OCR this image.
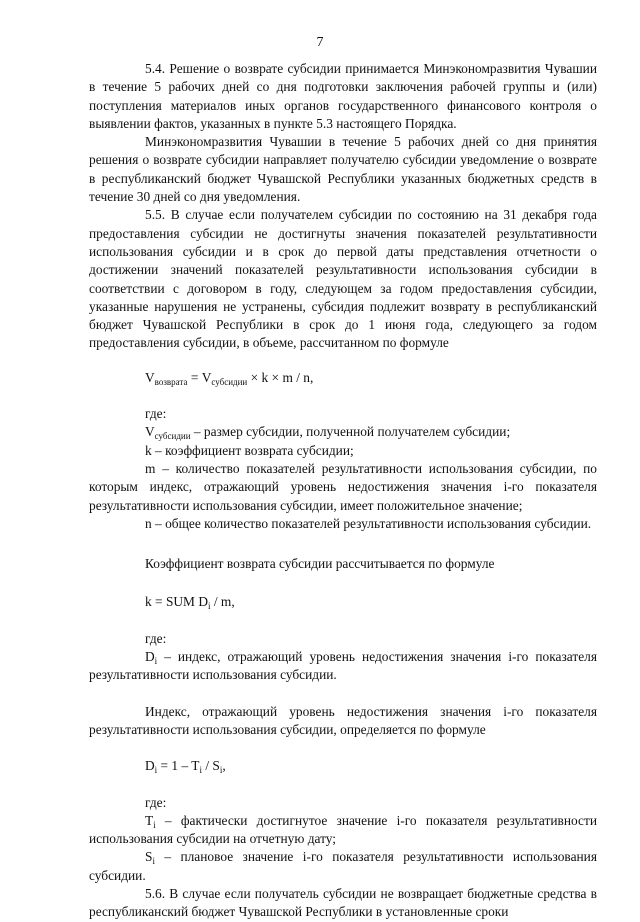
7

5.4. Решение о возврате субсидии принимается Минэкономразвития Чувашии в течение 5 рабочих дней со дня подготовки заключения рабочей группы и (или) поступления материалов иных органов государственного финансового контроля о выявлении фактов, указанных в пункте 5.3 настоящего Порядка.

Минэкономразвития Чувашии в течение 5 рабочих дней со дня принятия решения о возврате субсидии направляет получателю субсидии уведомление о возврате в республиканский бюджет Чувашской Республики указанных бюджетных средств в течение 30 дней со дня уведомления.

5.5. В случае если получателем субсидии по состоянию на 31 декабря года предоставления субсидии не достигнуты значения показателей результативности использования субсидии и в срок до первой даты представления отчетности о достижении значений показателей результативности использования субсидии в соответствии с договором в году, следующем за годом предоставления субсидии, указанные нарушения не устранены, субсидия подлежит возврату в республиканский бюджет Чувашской Республики в срок до 1 июня года, следующего за годом предоставления субсидии, в объеме, рассчитанном по формуле

$V_{возврата} = V_{субсидии} \times k \times m / n$,

где:

$V_{субсидии}$ – размер субсидии, полученной получателем субсидии;

k – коэффициент возврата субсидии;

m – количество показателей результативности использования субсидии, по которым индекс, отражающий уровень недостижения значения i-го показателя результативности использования субсидии, имеет положительное значение;

n – общее количество показателей результативности использования субсидии.

Коэффициент возврата субсидии рассчитывается по формуле

k = SUM $D_i$ / m,

где:

$D_i$ – индекс, отражающий уровень недостижения значения i-го показателя результативности использования субсидии.

Индекс, отражающий уровень недостижения значения i-го показателя результативности использования субсидии, определяется по формуле

$D_i = 1 - T_i / S_i$,

где:

$T_i$ – фактически достигнутое значение i-го показателя результативности использования субсидии на отчетную дату;

$S_i$ – плановое значение i-го показателя результативности использования субсидии.

5.6. В случае если получатель субсидии не возвращает бюджетные средства в республиканский бюджет Чувашской Республики в установленные сроки
